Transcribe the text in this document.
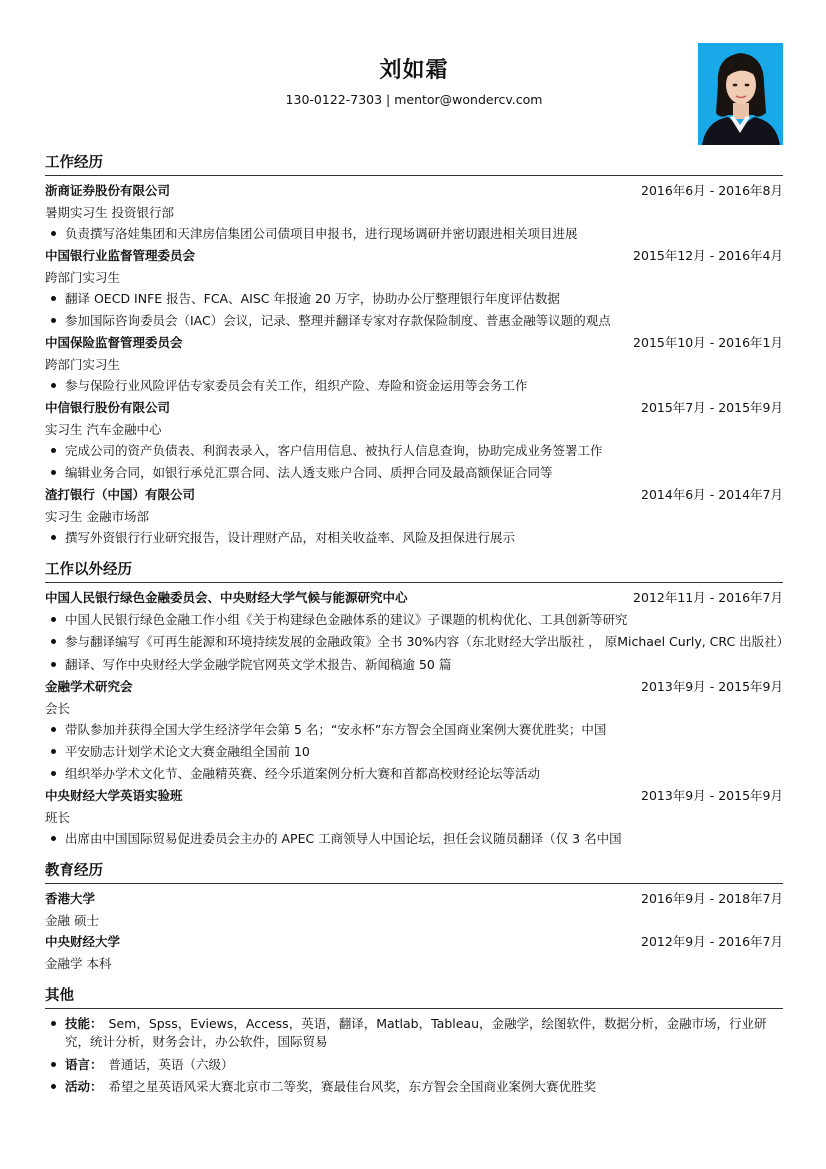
刘如霜
130-0122-7303 | mentor@wondercv.com
工作经历
浙商证券股份有限公司	2016年6月 - 2016年8月
暑期实习生 投资银行部
负责撰写洛娃集团和天津房信集团公司债项目申报书，进行现场调研并密切跟进相关项目进展
中国银行业监督管理委员会	2015年12月 - 2016年4月
跨部门实习生
翻译 OECD INFE 报告、FCA、AISC 年报逾 20 万字，协助办公厅整理银行年度评估数据
参加国际咨询委员会（IAC）会议，记录、整理并翻译专家对存款保险制度、普惠金融等议题的观点
中国保险监督管理委员会	2015年10月 - 2016年1月
跨部门实习生
参与保险行业风险评估专家委员会有关工作，组织产险、寿险和资金运用等会务工作
中信银行股份有限公司	2015年7月 - 2015年9月
实习生 汽车金融中心
完成公司的资产负债表、利润表录入，客户信用信息、被执行人信息查询，协助完成业务签署工作
编辑业务合同，如银行承兑汇票合同、法人透支账户合同、质押合同及最高额保证合同等
渣打银行（中国）有限公司	2014年6月 - 2014年7月
实习生 金融市场部
撰写外资银行行业研究报告，设计理财产品，对相关收益率、风险及担保进行展示
工作以外经历
中国人民银行绿色金融委员会、中央财经大学气候与能源研究中心	2012年11月 - 2016年7月
中国人民银行绿色金融工作小组《关于构建绿色金融体系的建议》子课题的机构优化、工具创新等研究
参与翻译编写《可再生能源和环境持续发展的金融政策》全书 30%内容（东北财经大学出版社 ， 原Michael Curly, CRC 出版社）
翻译、写作中央财经大学金融学院官网英文学术报告、新闻稿逾 50 篇
金融学术研究会	2013年9月 - 2015年9月
会长
带队参加并获得全国大学生经济学年会第 5 名；“安永杯”东方智会全国商业案例大赛优胜奖；中国
平安励志计划学术论文大赛金融组全国前 10
组织举办学术文化节、金融精英赛、经今乐道案例分析大赛和首都高校财经论坛等活动
中央财经大学英语实验班	2013年9月 - 2015年9月
班长
出席由中国国际贸易促进委员会主办的 APEC 工商领导人中国论坛，担任会议随员翻译（仅 3 名中国
教育经历
香港大学	2016年9月 - 2018年7月
金融 硕士
中央财经大学	2012年9月 - 2016年7月
金融学 本科
其他
技能： Sem，Spss，Eviews，Access，英语，翻译，Matlab，Tableau，金融学，绘图软件，数据分析，金融市场，行业研究，统计分析，财务会计，办公软件，国际贸易
语言： 普通话，英语（六级）
活动： 希望之星英语风采大赛北京市二等奖，赛最佳台风奖，东方智会全国商业案例大赛优胜奖
